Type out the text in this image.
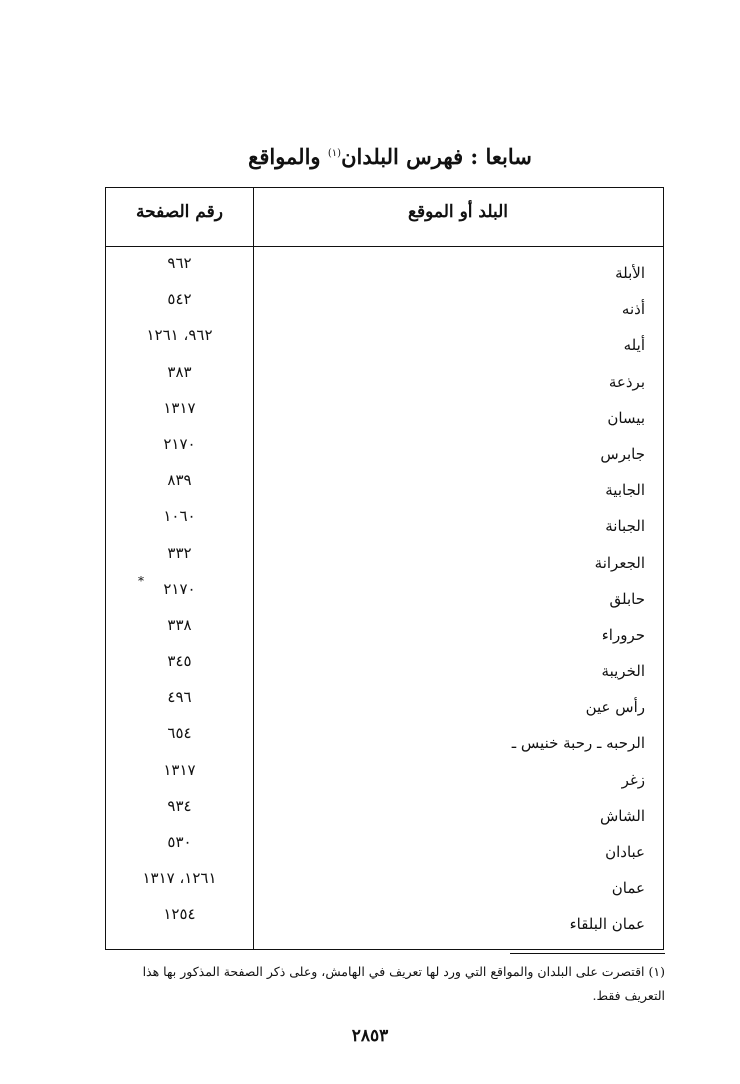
سابعا : فهرس البلدان$^{(١)}$ والمواقع
البلد أو الموقع
رقم الصفحة
الأبلة
٩٦٢
أذنه
٥٤٢
أيله
٩٦٢، ١٢٦١
برذعة
٣٨٣
بيسان
١٣١٧
جابرس
٢١٧٠
الجابية
٨٣٩
الجبانة
١٠٦٠
الجعرانة
٣٣٢
حابلق
٢١٧٠
حروراء
٣٣٨
الخريبة
٣٤٥
رأس عين
٤٩٦
الرحبه ـ رحبة خنيس ـ
٦٥٤
زغر
١٣١٧
الشاش
٩٣٤
عبادان
٥٣٠
عمان
١٢٦١، ١٣١٧
عمان البلقاء
١٢٥٤
*
(١) اقتصرت على البلدان والمواقع التي ورد لها تعريف في الهامش، وعلى ذكر الصفحة المذكور بها هذا
التعريف فقط.
٢٨٥٣
